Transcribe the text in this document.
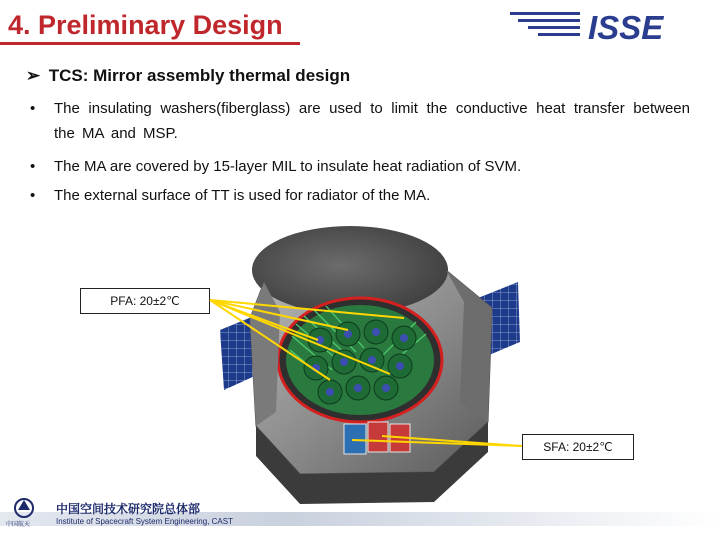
4. Preliminary Design	ISSE
➢ TCS: Mirror assembly thermal design
• The insulating washers(fiberglass) are used to limit the conductive heat transfer between the MA and MSP.
• The MA are covered by 15-layer MIL to insulate heat radiation of SVM.
• The external surface of TT is used for radiator of the MA.
PFA: 20±2℃
SFA: 20±2℃
中国航天
中国空间技术研究院总体部
Institute of Spacecraft System Engineering, CAST
